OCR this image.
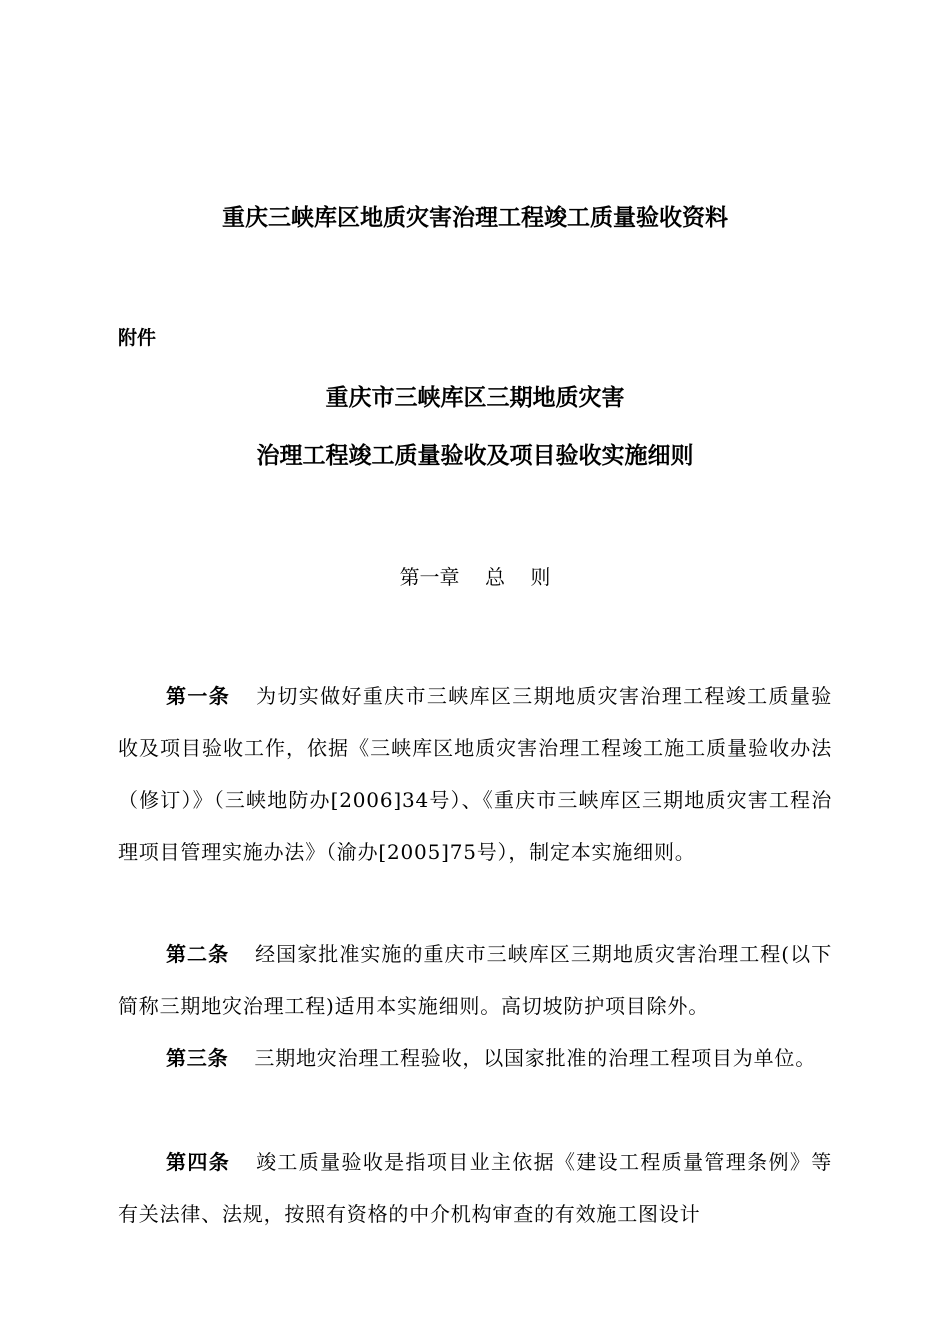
重庆三峡库区地质灾害治理工程竣工质量验收资料
附件
重庆市三峡库区三期地质灾害
治理工程竣工质量验收及项目验收实施细则
第一章    总    则
第一条 为切实做好重庆市三峡库区三期地质灾害治理工程竣工质量验收及项目验收工作，依据《三峡库区地质灾害治理工程竣工施工质量验收办法（修订）》（三峡地防办[2006]34号）、《重庆市三峡库区三期地质灾害工程治理项目管理实施办法》（渝办[2005]75号），制定本实施细则。
第二条 经国家批准实施的重庆市三峡库区三期地质灾害治理工程(以下简称三期地灾治理工程)适用本实施细则。高切坡防护项目除外。
第三条 三期地灾治理工程验收，以国家批准的治理工程项目为单位。
第四条 竣工质量验收是指项目业主依据《建设工程质量管理条例》等有关法律、法规，按照有资格的中介机构审查的有效施工图设计
